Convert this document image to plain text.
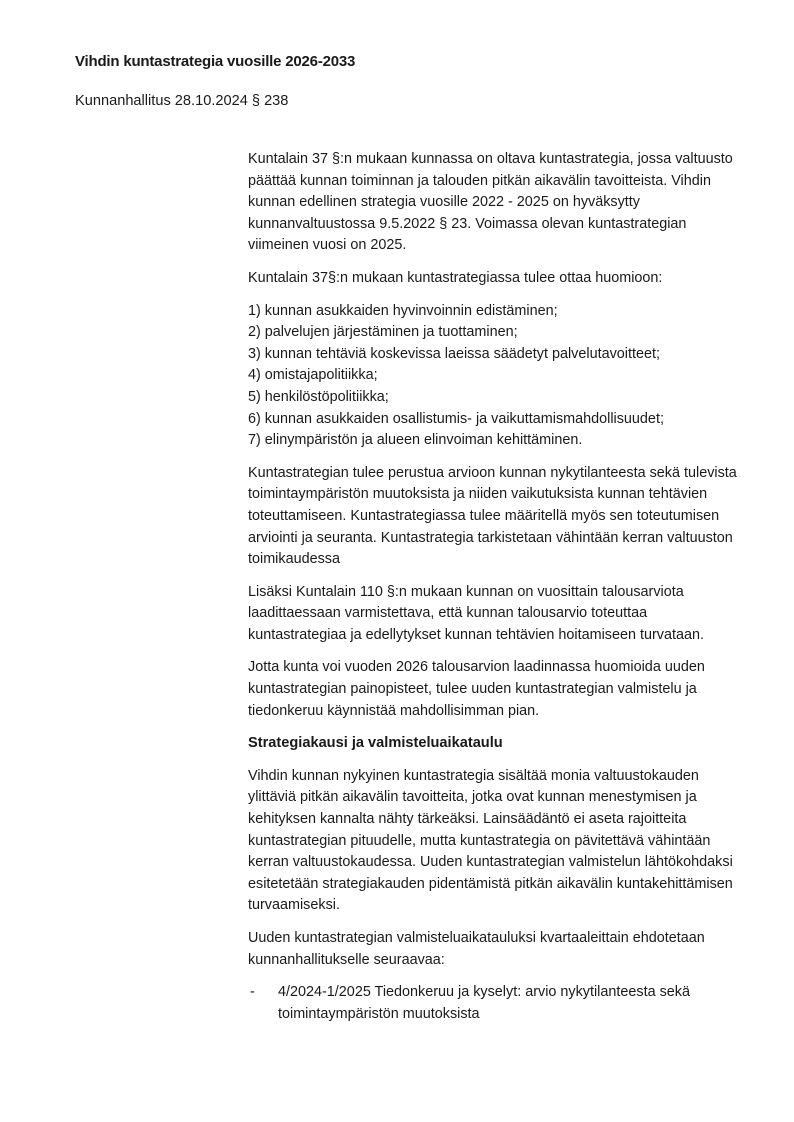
Vihdin kuntastrategia vuosille 2026-2033
Kunnanhallitus 28.10.2024 § 238

Kuntalain 37 §:n mukaan kunnassa on oltava kuntastrategia, jossa valtuusto päättää kunnan toiminnan ja talouden pitkän aikavälin tavoitteista. Vihdin kunnan edellinen strategia vuosille 2022 - 2025 on hyväksytty kunnanvaltuustossa 9.5.2022 § 23. Voimassa olevan kuntastrategian viimeinen vuosi on 2025.

Kuntalain 37§:n mukaan kuntastrategiassa tulee ottaa huomioon:

1) kunnan asukkaiden hyvinvoinnin edistäminen;
2) palvelujen järjestäminen ja tuottaminen;
3) kunnan tehtäviä koskevissa laeissa säädetyt palvelutavoitteet;
4) omistajapolitiikka;
5) henkilöstöpolitiikka;
6) kunnan asukkaiden osallistumis- ja vaikuttamismahdollisuudet;
7) elinympäristön ja alueen elinvoiman kehittäminen.

Kuntastrategian tulee perustua arvioon kunnan nykytilanteesta sekä tulevista toimintaympäristön muutoksista ja niiden vaikutuksista kunnan tehtävien toteuttamiseen. Kuntastrategiassa tulee määritellä myös sen toteutumisen arviointi ja seuranta. Kuntastrategia tarkistetaan vähintään kerran valtuuston toimikaudessa

Lisäksi Kuntalain 110 §:n mukaan kunnan on vuosittain talousarviota laadittaessaan varmistettava, että kunnan talousarvio toteuttaa kuntastrategiaa ja edellytykset kunnan tehtävien hoitamiseen turvataan.

Jotta kunta voi vuoden 2026 talousarvion laadinnassa huomioida uuden kuntastrategian painopisteet, tulee uuden kuntastrategian valmistelu ja tiedonkeruu käynnistää mahdollisimman pian.

Strategiakausi ja valmisteluaikataulu

Vihdin kunnan nykyinen kuntastrategia sisältää monia valtuustokauden ylittäviä pitkän aikavälin tavoitteita, jotka ovat kunnan menestymisen ja kehityksen kannalta nähty tärkeäksi. Lainsäädäntö ei aseta rajoitteita kuntastrategian pituudelle, mutta kuntastrategia on pävitettävä vähintään kerran valtuustokaudessa. Uuden kuntastrategian valmistelun lähtökohdaksi esitetetään strategiakauden pidentämistä pitkän aikavälin kuntakehittämisen turvaamiseksi.

Uuden kuntastrategian valmisteluaikatauluksi kvartaaleittain ehdotetaan kunnanhallitukselle seuraavaa:

-	4/2024-1/2025 Tiedonkeruu ja kyselyt: arvio nykytilanteesta sekä toimintaympäristön muutoksista
